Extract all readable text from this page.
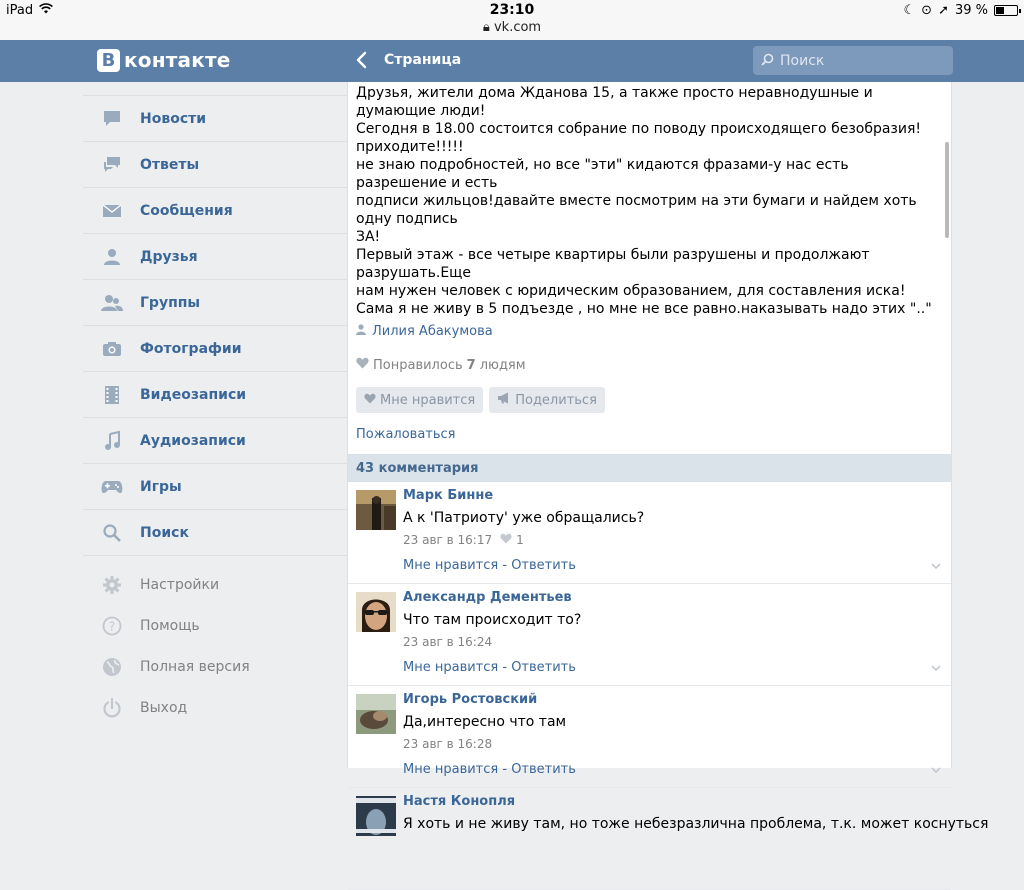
iPad	23:10
🔒︎ vk.com
☾ ⊙ ➚ 39 %
В контакте	Страница
Поиск
Новости
Ответы
Сообщения
Друзья
Группы
Фотографии
Видеозаписи
Аудиозаписи
Игры
Поиск
Настройки
? Помощь
Полная версия
Выход

Друзья, жители дома Жданова 15, а также просто неравнодушные и думающие люди!

Сегодня в 18.00 состоится собрание по поводу происходящего безобразия!

приходите!!!!!

не знаю подробностей, но все "эти" кидаются фразами-у нас есть разрешение и есть

подписи жильцов!давайте вместе посмотрим на эти бумаги и найдем хоть одну подпись

ЗА!

Первый этаж - все четыре квартиры были разрушены и продолжают разрушать.Еще

нам нужен человек с юридическим образованием, для составления иска!

Сама я не живу в 5 подъезде , но мне не все равно.наказывать надо этих ".."

Лилия Абакумова
Понравилось 7 людям
Мне нравится	Поделиться
Пожаловаться
43 комментария
Марк Бинне
А к 'Патриоту' уже обращались?
23 авг в 16:17 1
Мне нравится - Ответить
Александр Дементьев
Что там происходит то?
23 авг в 16:24
Мне нравится - Ответить
Игорь Ростовский
Да,интересно что там
23 авг в 16:28
Мне нравится - Ответить
Настя Конопля
Я хоть и не живу там, но тоже небезразлична проблема, т.к. может коснуться
